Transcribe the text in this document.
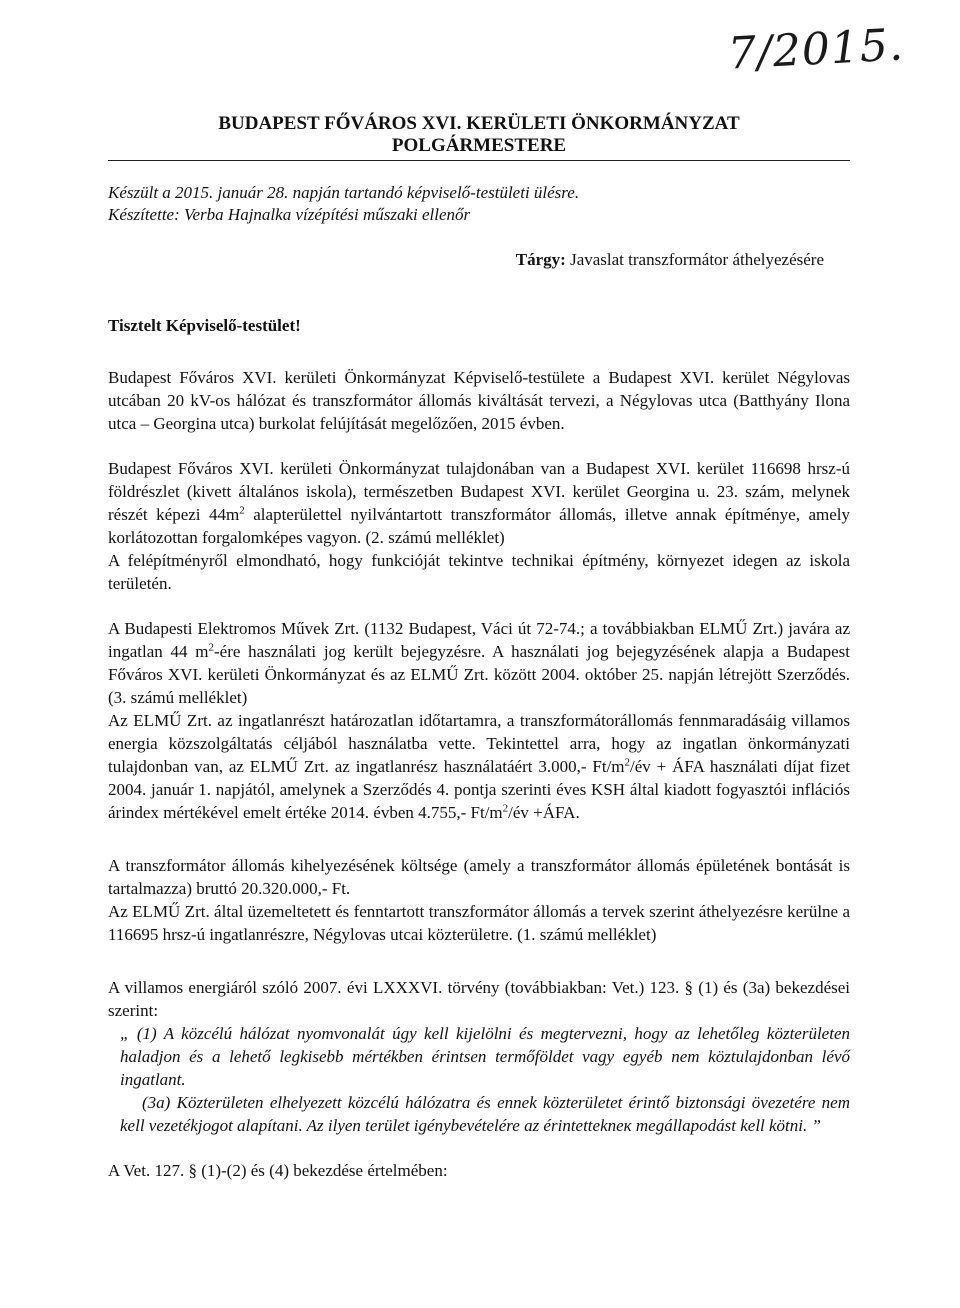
7/2015.
BUDAPEST FŐVÁROS XVI. KERÜLETI ÖNKORMÁNYZAT
POLGÁRMESTERE
Készült a 2015. január 28. napján tartandó képviselő-testületi ülésre.
Készítette: Verba Hajnalka vízépítési műszaki ellenőr
Tárgy: Javaslat transzformátor áthelyezésére
Tisztelt Képviselő-testület!

Budapest Főváros XVI. kerületi Önkormányzat Képviselő-testülete a Budapest XVI. kerület Négylovas utcában 20 kV-os hálózat és transzformátor állomás kiváltását tervezi, a Négylovas utca (Batthyány Ilona utca – Georgina utca) burkolat felújítását megelőzően, 2015 évben.

Budapest Főváros XVI. kerületi Önkormányzat tulajdonában van a Budapest XVI. kerület 116698 hrsz-ú földrészlet (kivett általános iskola), természetben Budapest XVI. kerület Georgina u. 23. szám, melynek részét képezi $44m^2$ alapterülettel nyilvántartott transzformátor állomás, illetve annak építménye, amely korlátozottan forgalomképes vagyon. (2. számú melléklet)

A felépítményről elmondható, hogy funkcióját tekintve technikai építmény, környezet idegen az iskola területén.

A Budapesti Elektromos Művek Zrt. (1132 Budapest, Váci út 72-74.; a továbbiakban ELMŰ Zrt.) javára az ingatlan 44 $m^2$-ére használati jog került bejegyzésre. A használati jog bejegyzésének alapja a Budapest Főváros XVI. kerületi Önkormányzat és az ELMŰ Zrt. között 2004. október 25. napján létrejött Szerződés. (3. számú melléklet)

Az ELMŰ Zrt. az ingatlanrészt határozatlan időtartamra, a transzformátorállomás fennmaradásáig villamos energia közszolgáltatás céljából használatba vette. Tekintettel arra, hogy az ingatlan önkormányzati tulajdonban van, az ELMŰ Zrt. az ingatlanrész használatáért 3.000,- $Ft/m^2/év$ + ÁFA használati díjat fizet 2004. január 1. napjától, amelynek a Szerződés 4. pontja szerinti éves KSH által kiadott fogyasztói inflációs árindex mértékével emelt értéke 2014. évben 4.755,- $Ft/m^2/év$ +ÁFA.

A transzformátor állomás kihelyezésének költsége (amely a transzformátor állomás épületének bontását is tartalmazza) bruttó 20.320.000,- Ft.

Az ELMŰ Zrt. által üzemeltetett és fenntartott transzformátor állomás a tervek szerint áthelyezésre kerülne a 116695 hrsz-ú ingatlanrészre, Négylovas utcai közterületre. (1. számú melléklet)

A villamos energiáról szóló 2007. évi LXXXVI. törvény (továbbiakban: Vet.) 123. § (1) és (3a) bekezdései szerint:

„ (1) A közcélú hálózat nyomvonalát úgy kell kijelölni és megtervezni, hogy az lehetőleg közterületen haladjon és a lehető legkisebb mértékben érintsen termőföldet vagy egyéb nem köztulajdonban lévő ingatlant.

(3a) Közterületen elhelyezett közcélú hálózatra és ennek közterületet érintő biztonsági övezetére nem kell vezetékjogot alapítani. Az ilyen terület igénybevételére az érintettekneк megállapodást kell kötni. ”

A Vet. 127. § (1)-(2) és (4) bekezdése értelmében:
